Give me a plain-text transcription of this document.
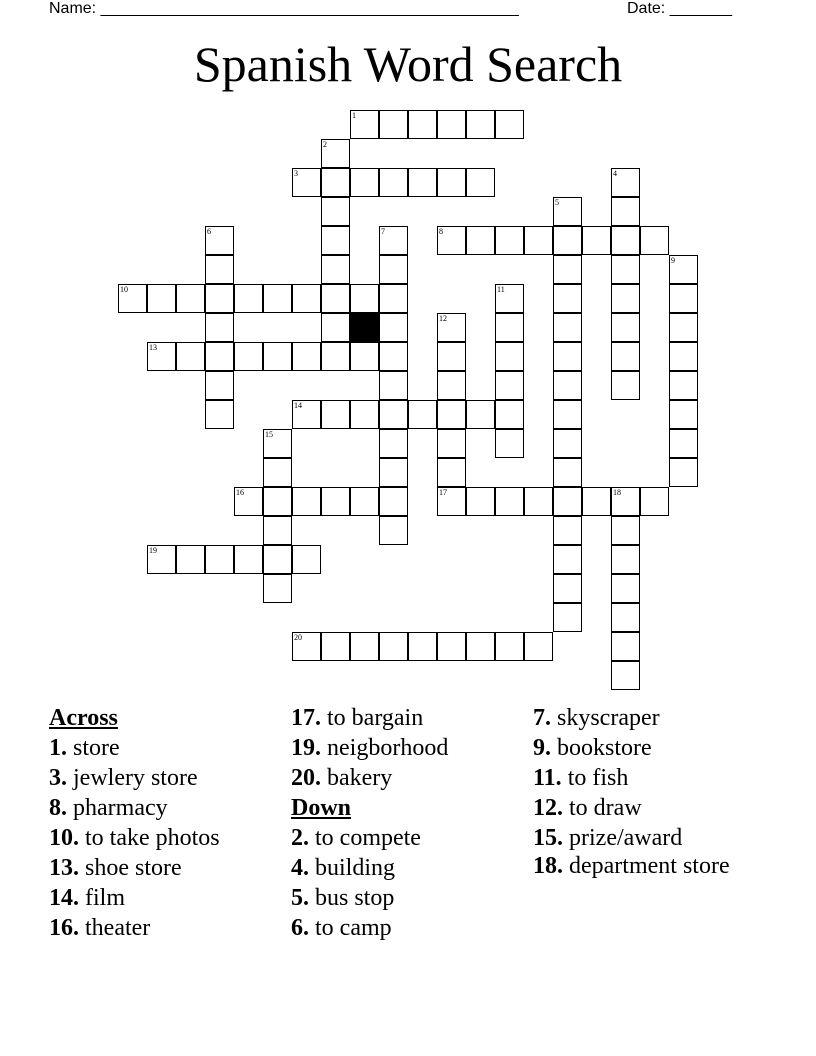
Name: _______________________________________________	Date: _______
Spanish Word Search
1
3
8
10
13
14
16	17	18
19
20
2
4
5
6	7
9
11
12
15
Across
1. store
3. jewlery store
8. pharmacy
10. to take photos
13. shoe store
14. film
16. theater
17. to bargain
19. neigborhood
20. bakery
Down
2. to compete
4. building
5. bus stop
6. to camp
7. skyscraper
9. bookstore
11. to fish
12. to draw
15. prize/award
18. department store
